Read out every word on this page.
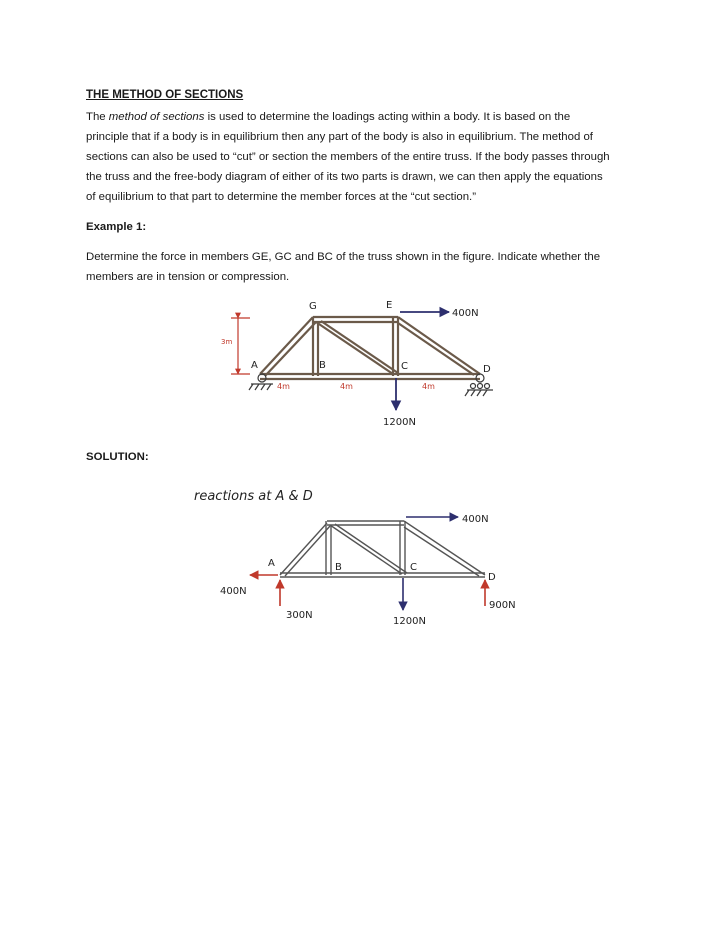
THE METHOD OF SECTIONS

The method of sections is used to determine the loadings acting within a body. It is based on the

principle that if a body is in equilibrium then any part of the body is also in equilibrium. The method of

sections can also be used to “cut” or section the members of the entire truss. If the body passes through

the truss and the free-body diagram of either of its two parts is drawn, we can then apply the equations

of equilibrium to that part to determine the member forces at the “cut section.”

Example 1:

Determine the force in members GE, GC and BC of the truss shown in the figure. Indicate whether the

members are in tension or compression.

G	E
A	B	C	D
400N
1200N
4m	4m	4m
3m
SOLUTION:
reactions at A & D
A	B	C
D
400N
1200N
400N
300N
900N
